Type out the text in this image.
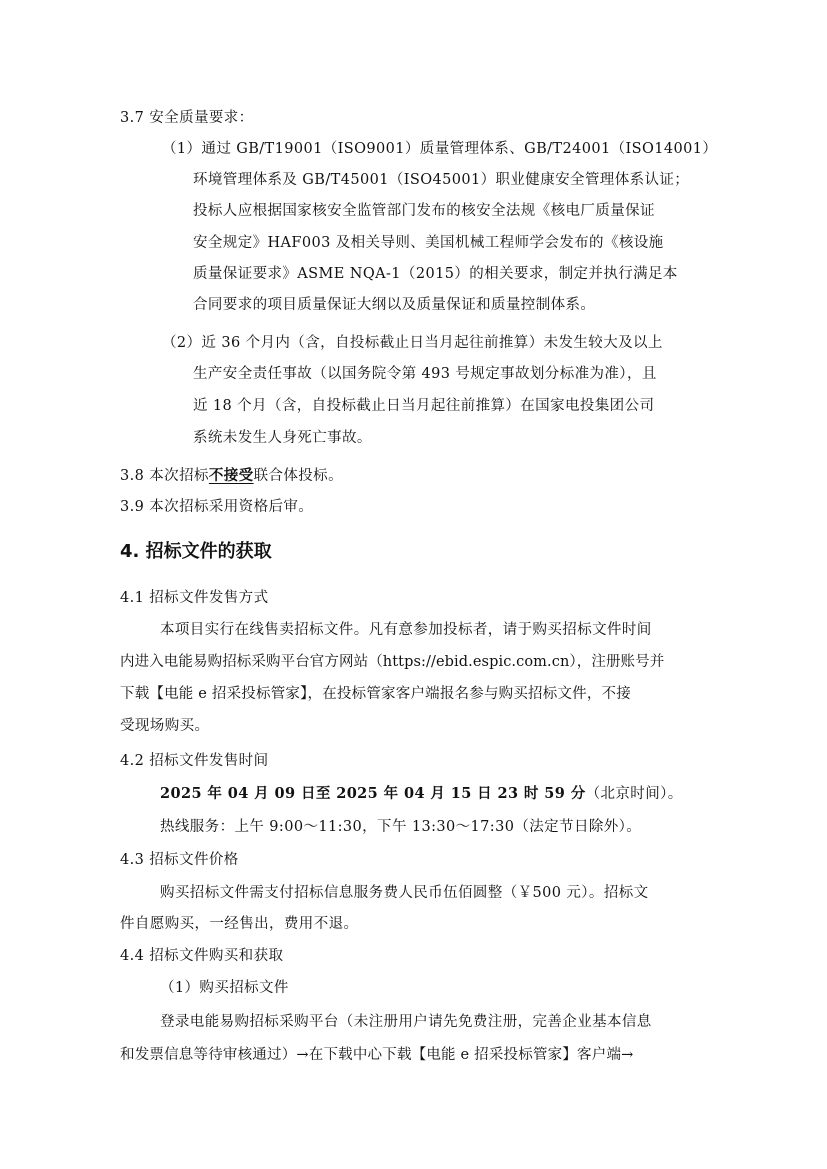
3.7 安全质量要求：
（1）通过 GB/T19001（ISO9001）质量管理体系、GB/T24001（ISO14001）
环境管理体系及 GB/T45001（ISO45001）职业健康安全管理体系认证；
投标人应根据国家核安全监管部门发布的核安全法规《核电厂质量保证
安全规定》HAF003 及相关导则、美国机械工程师学会发布的《核设施
质量保证要求》ASME NQA-1（2015）的相关要求，制定并执行满足本
合同要求的项目质量保证大纲以及质量保证和质量控制体系。
（2）近 36 个月内（含，自投标截止日当月起往前推算）未发生较大及以上
生产安全责任事故（以国务院令第 493 号规定事故划分标准为准），且
近 18 个月（含，自投标截止日当月起往前推算）在国家电投集团公司
系统未发生人身死亡事故。
3.8 本次招标不接受联合体投标。
3.9 本次招标采用资格后审。
4. 招标文件的获取
4.1 招标文件发售方式
本项目实行在线售卖招标文件。凡有意参加投标者，请于购买招标文件时间
内进入电能易购招标采购平台官方网站（https://ebid.espic.com.cn），注册账号并
下载【电能 e 招采投标管家】，在投标管家客户端报名参与购买招标文件，不接
受现场购买。
4.2 招标文件发售时间
2025 年 04 月 09 日至 2025 年 04 月 15 日 23 时 59 分（北京时间）。
热线服务：上午 9:00～11:30，下午 13:30～17:30（法定节日除外）。
4.3 招标文件价格
购买招标文件需支付招标信息服务费人民币伍佰圆整（￥500 元）。招标文
件自愿购买，一经售出，费用不退。
4.4 招标文件购买和获取
（1）购买招标文件
登录电能易购招标采购平台（未注册用户请先免费注册，完善企业基本信息
和发票信息等待审核通过）→在下载中心下载【电能 e 招采投标管家】客户端→
